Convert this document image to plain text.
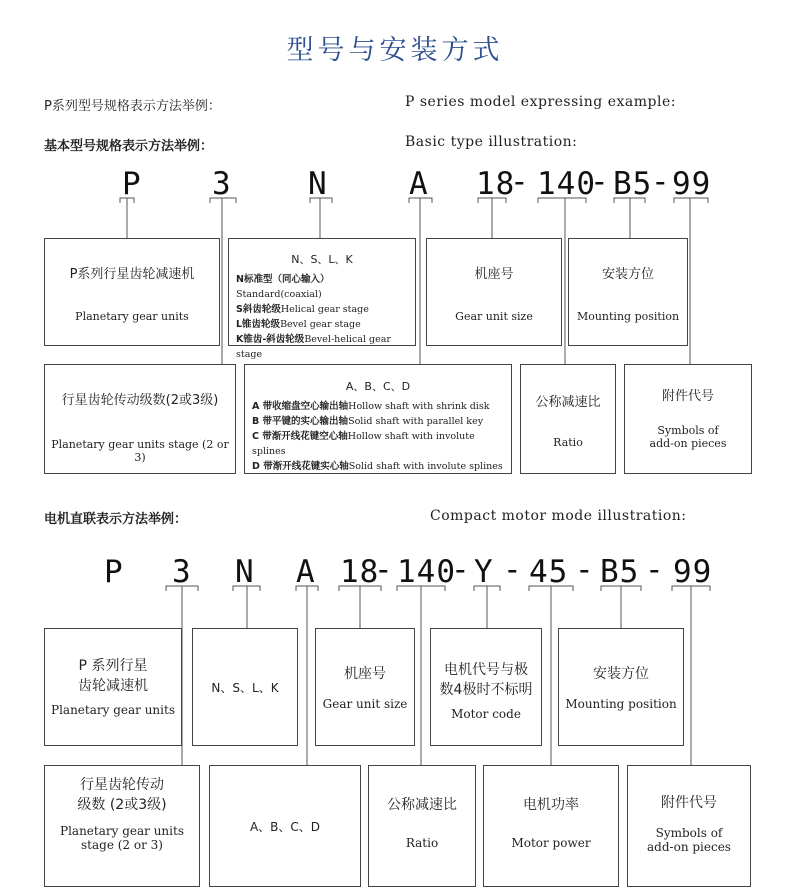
型号与安装方式
P系列型号规格表示方法举例：	P series model expressing example:
基本型号规格表示方法举例：	Basic type illustration:
P 3 N	A 18
- 140
- B5
- 99
电机直联表示方法举例：	Compact motor mode illustration:
P 3 N A 18
- 140
- Y - 45 - B5 - 99
P系列行星齿轮减速机
Planetary gear units
N、S、L、K
N标准型（同心输入）Standard(coaxial)
S斜齿轮级Helical gear stage
L锥齿轮级Bevel gear stage
K锥齿-斜齿轮级Bevel-helical gear stage
机座号
Gear unit size
安装方位
Mounting position
行星齿轮传动级数(2或3级)
Planetary gear units stage (2 or 3)
A、B、C、D
A 带收缩盘空心输出轴Hollow shaft with shrink disk
B 带平键的实心输出轴Solid shaft with parallel key
C 带渐开线花键空心轴Hollow shaft with involute splines
D 带渐开线花键实心轴Solid shaft with involute splines
公称减速比
Ratio
附件代号
Symbols of
add-on pieces
P 系列行星
齿轮减速机
Planetary gear units
N、S、L、K
机座号
Gear unit size
电机代号与极
数4极时不标明
Motor code
安装方位
Mounting position
行星齿轮传动
级数 (2或3级)
Planetary gear units
stage (2 or 3)
A、B、C、D
公称减速比
Ratio
电机功率
Motor power
附件代号
Symbols of
add-on pieces
